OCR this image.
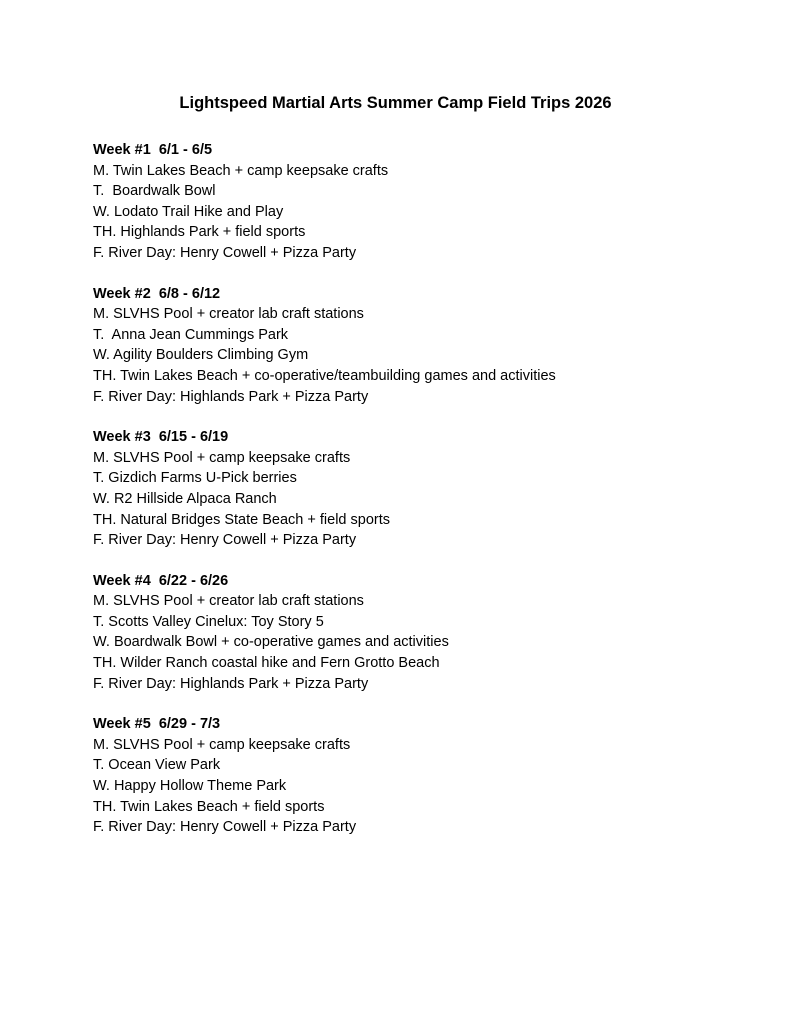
Lightspeed Martial Arts Summer Camp Field Trips 2026
Week #1  6/1 - 6/5
M. Twin Lakes Beach + camp keepsake crafts
T.  Boardwalk Bowl
W. Lodato Trail Hike and Play
TH. Highlands Park + field sports
F. River Day: Henry Cowell + Pizza Party
Week #2  6/8 - 6/12
M. SLVHS Pool + creator lab craft stations
T.  Anna Jean Cummings Park
W. Agility Boulders Climbing Gym
TH. Twin Lakes Beach + co-operative/teambuilding games and activities
F. River Day: Highlands Park + Pizza Party
Week #3  6/15 - 6/19
M. SLVHS Pool + camp keepsake crafts
T. Gizdich Farms U-Pick berries
W. R2 Hillside Alpaca Ranch
TH. Natural Bridges State Beach + field sports
F. River Day: Henry Cowell + Pizza Party
Week #4  6/22 - 6/26
M. SLVHS Pool + creator lab craft stations
T. Scotts Valley Cinelux: Toy Story 5
W. Boardwalk Bowl + co-operative games and activities
TH. Wilder Ranch coastal hike and Fern Grotto Beach
F. River Day: Highlands Park + Pizza Party
Week #5  6/29 - 7/3
M. SLVHS Pool + camp keepsake crafts
T. Ocean View Park
W. Happy Hollow Theme Park
TH. Twin Lakes Beach + field sports
F. River Day: Henry Cowell + Pizza Party
